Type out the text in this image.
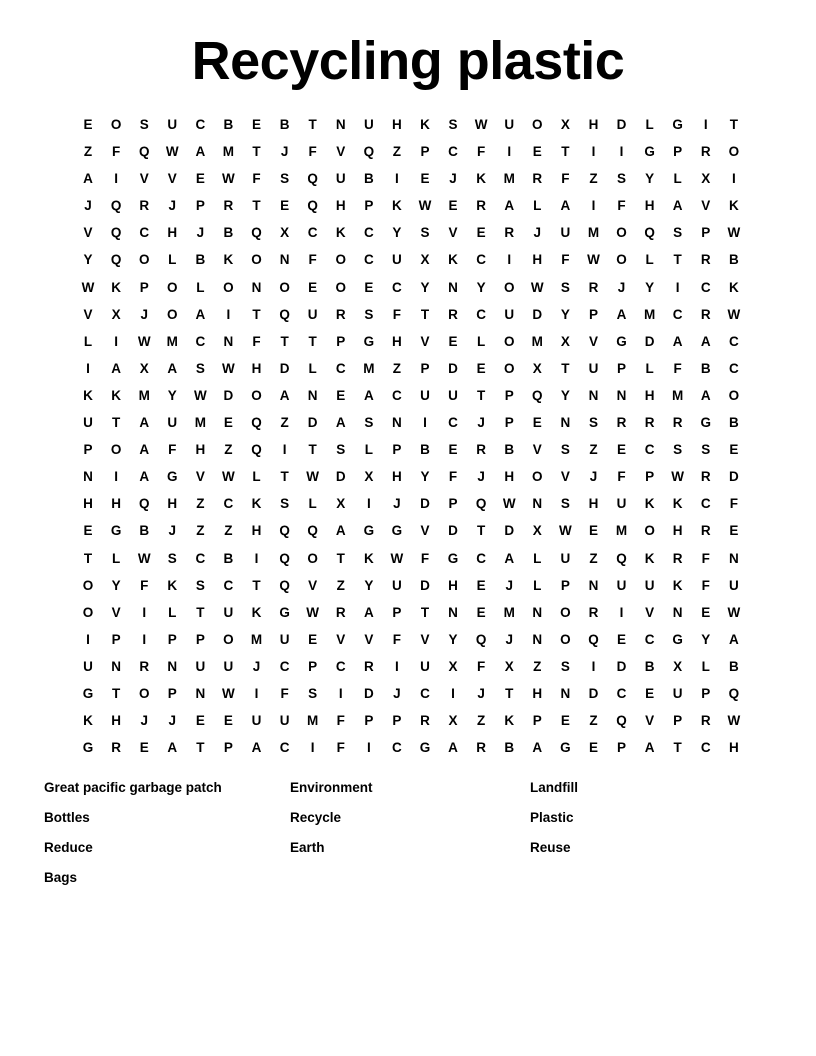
Recycling plastic
E	O	S	U	C	B	E	B	T	N	U	H	K	S	W	U	O	X	H	D	L	G	I	T
Z	F	Q	W	A	M	T	J	F	V	Q	Z	P	C	F	I	E	T	I	I	G	P	R	O
A	I	V	V	E	W	F	S	Q	U	B	I	E	J	K	M	R	F	Z	S	Y	L	X	I
J	Q	R	J	P	R	T	E	Q	H	P	K	W	E	R	A	L	A	I	F	H	A	V	K
V	Q	C	H	J	B	Q	X	C	K	C	Y	S	V	E	R	J	U	M	O	Q	S	P	W
Y	Q	O	L	B	K	O	N	F	O	C	U	X	K	C	I	H	F	W	O	L	T	R	B
W	K	P	O	L	O	N	O	E	O	E	C	Y	N	Y	O	W	S	R	J	Y	I	C	K
V	X	J	O	A	I	T	Q	U	R	S	F	T	R	C	U	D	Y	P	A	M	C	R	W
L	I	W	M	C	N	F	T	T	P	G	H	V	E	L	O	M	X	V	G	D	A	A	C
I	A	X	A	S	W	H	D	L	C	M	Z	P	D	E	O	X	T	U	P	L	F	B	C
K	K	M	Y	W	D	O	A	N	E	A	C	U	U	T	P	Q	Y	N	N	H	M	A	O
U	T	A	U	M	E	Q	Z	D	A	S	N	I	C	J	P	E	N	S	R	R	R	G	B
P	O	A	F	H	Z	Q	I	T	S	L	P	B	E	R	B	V	S	Z	E	C	S	S	E
N	I	A	G	V	W	L	T	W	D	X	H	Y	F	J	H	O	V	J	F	P	W	R	D
H	H	Q	H	Z	C	K	S	L	X	I	J	D	P	Q	W	N	S	H	U	K	K	C	F
E	G	B	J	Z	Z	H	Q	Q	A	G	G	V	D	T	D	X	W	E	M	O	H	R	E
T	L	W	S	C	B	I	Q	O	T	K	W	F	G	C	A	L	U	Z	Q	K	R	F	N
O	Y	F	K	S	C	T	Q	V	Z	Y	U	D	H	E	J	L	P	N	U	U	K	F	U
O	V	I	L	T	U	K	G	W	R	A	P	T	N	E	M	N	O	R	I	V	N	E	W
I	P	I	P	P	O	M	U	E	V	V	F	V	Y	Q	J	N	O	Q	E	C	G	Y	A
U	N	R	N	U	U	J	C	P	C	R	I	U	X	F	X	Z	S	I	D	B	X	L	B
G	T	O	P	N	W	I	F	S	I	D	J	C	I	J	T	H	N	D	C	E	U	P	Q
K	H	J	J	E	E	U	U	M	F	P	P	R	X	Z	K	P	E	Z	Q	V	P	R	W
G	R	E	A	T	P	A	C	I	F	I	C	G	A	R	B	A	G	E	P	A	T	C	H
Great pacific garbage patch	Environment	Landfill
Bottles	Recycle	Plastic
Reduce	Earth	Reuse
Bags		
